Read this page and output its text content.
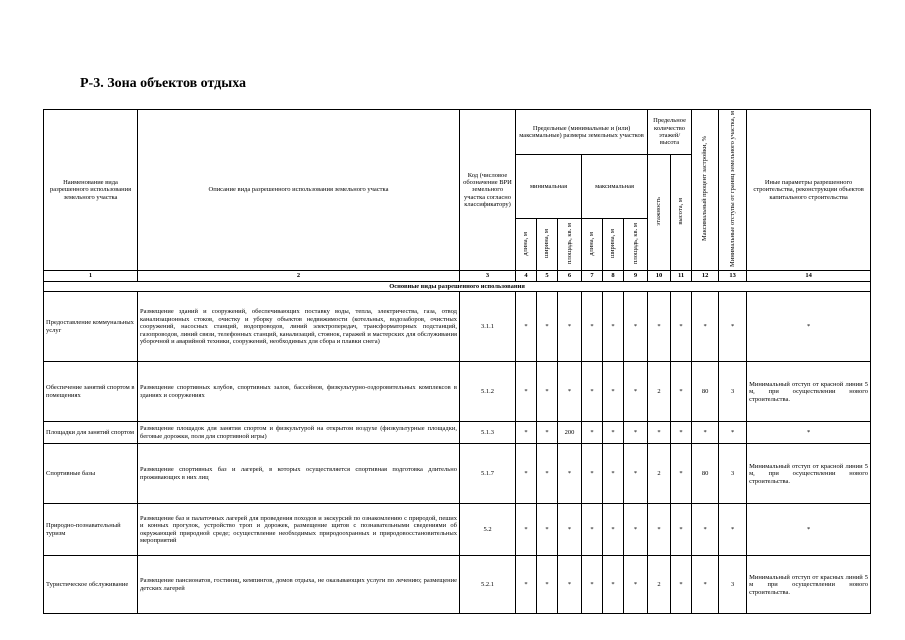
Р-3. Зона объектов отдыха
Наименование вида разрешенного использования земельного участка	Описание вида разрешенного использования земельного участка	Код (числовое обозначение ВРИ земельного участка согласно классификатору)	Предельные (минимальные и (или) максимальные) размеры земельных участков						Предельное количество этажей/ высота		Максимальный процент застройки, %	Минимальные отступы от границ земельного участка, м	Иные параметры разрешенного строительства, реконструкции объектов капитального строительства
			минимальная			максимальная			этажность	высота, м			
			длина, м	ширина, м	площадь, кв. м	длина, м	ширина, м	площадь, кв. м					
1	2	3	4	5	6	7	8	9	10	11	12	13	14
Основные виды разрешенного использования													
Предоставление коммунальных услуг	Размещение зданий и сооружений, обеспечивающих поставку воды, тепла, электричества, газа, отвод канализационных стоков, очистку и уборку объектов недвижимости (котельных, водозаборов, очистных сооружений, насосных станций, водопроводов, линий электропередач, трансформаторных подстанций, газопроводов, линий связи, телефонных станций, канализаций, стоянок, гаражей и мастерских для обслуживания уборочной и аварийной техники, сооружений, необходимых для сбора и плавки снега)	3.1.1	*	*	*	*	*	*	*	*	*	*	*
Обеспечение занятий спортом в помещениях	Размещение спортивных клубов, спортивных залов, бассейнов, физкультурно-оздоровительных комплексов в зданиях и сооружениях	5.1.2	*	*	*	*	*	*	2	*	80	3	Минимальный отступ от красной линии 5 м, при осуществлении нового строительства.
Площадки для занятий спортом	Размещение площадок для занятия спортом и физкультурой на открытом воздухе (физкультурные площадки, беговые дорожки, поля для спортивной игры)	5.1.3	*	*	200	*	*	*	*	*	*	*	*
Спортивные базы	Размещение спортивных баз и лагерей, в которых осуществляется спортивная подготовка длительно проживающих в них лиц	5.1.7	*	*	*	*	*	*	2	*	80	3	Минимальный отступ от красной линии 5 м, при осуществлении нового строительства.
Природно-познавательный туризм	Размещение баз и палаточных лагерей для проведения походов и экскурсий по ознакомлению с природой, пеших и конных прогулок, устройство троп и дорожек, размещение щитов с познавательными сведениями об окружающей природной среде; осуществление необходимых природоохранных и природовосстановительных мероприятий	5.2	*	*	*	*	*	*	*	*	*	*	*
Туристическое обслуживание	Размещение пансионатов, гостиниц, кемпингов, домов отдыха, не оказывающих услуги по лечению; размещение детских лагерей	5.2.1	*	*	*	*	*	*	2	*	*	3	Минимальный отступ от красных линий 5 м при осуществлении нового строительства.
